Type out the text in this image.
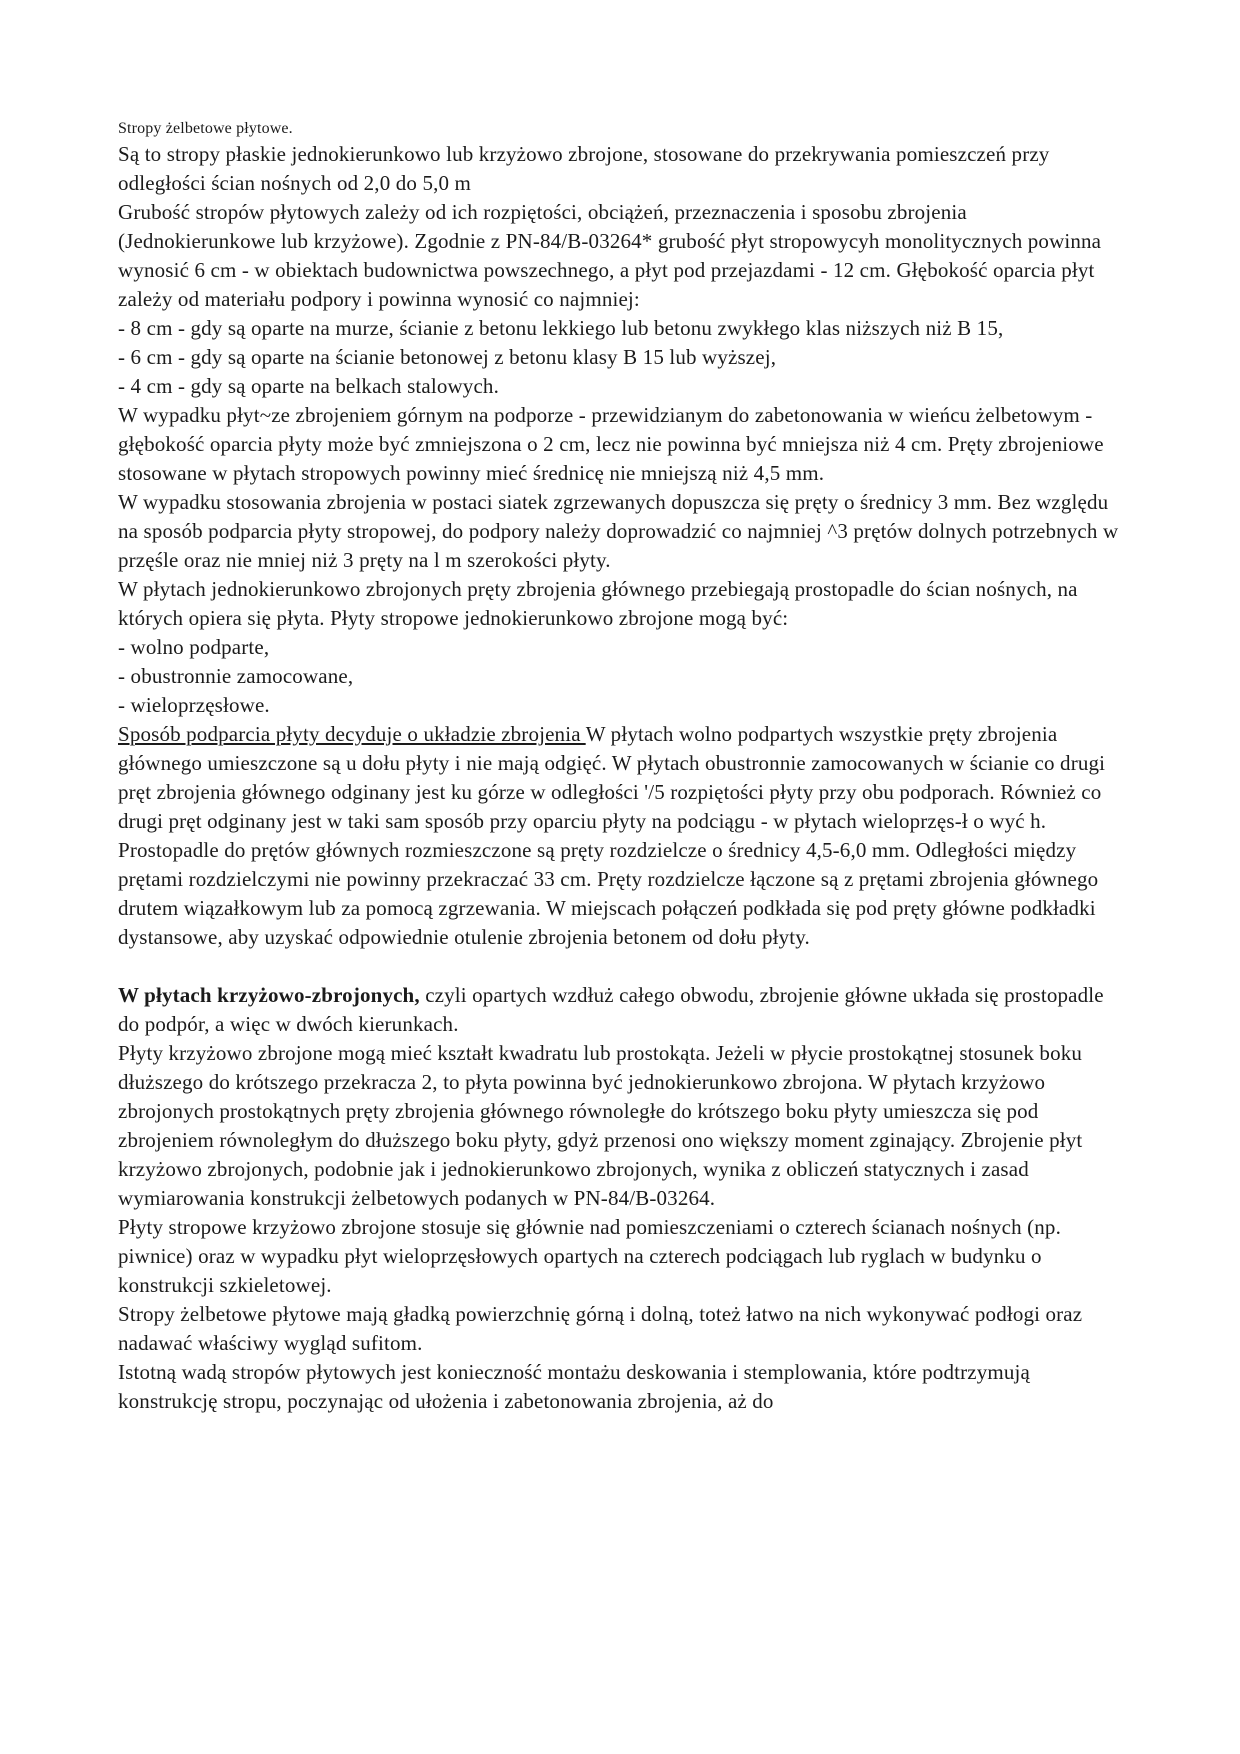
Stropy żelbetowe płytowe.

Są to stropy płaskie jednokierunkowo lub krzyżowo zbrojone, stosowane do przekrywania pomieszczeń przy odległości ścian nośnych od 2,0 do 5,0 m

Grubość stropów płytowych zależy od ich rozpiętości, obciążeń, przeznaczenia i sposobu zbrojenia (Jednokierunkowe lub krzyżowe). Zgodnie z PN-84/B-03264* grubość płyt stropowycyh monolitycznych powinna wynosić 6 cm - w obiektach budownictwa powszechnego, a płyt pod przejazdami - 12 cm. Głębokość oparcia płyt zależy od materiału podpory i powinna wynosić co najmniej:

- 8 cm - gdy są oparte na murze, ścianie z betonu lekkiego lub betonu zwykłego klas niższych niż B 15,

- 6 cm - gdy są oparte na ścianie betonowej z betonu klasy B 15 lub wyższej,

- 4 cm - gdy są oparte na belkach stalowych.

W wypadku płyt~ze zbrojeniem górnym na podporze - przewidzianym do zabetonowania w wieńcu żelbetowym - głębokość oparcia płyty może być zmniejszona o 2 cm, lecz nie powinna być mniejsza niż 4 cm. Pręty zbrojeniowe stosowane w płytach stropowych powinny mieć średnicę nie mniejszą niż 4,5 mm.

W wypadku stosowania zbrojenia w postaci siatek zgrzewanych dopuszcza się pręty o średnicy 3 mm. Bez względu na sposób podparcia płyty stropowej, do podpory należy doprowadzić co najmniej ^3 prętów dolnych potrzebnych w przęśle oraz nie mniej niż 3 pręty na l m szerokości płyty.

W płytach jednokierunkowo zbrojonych pręty zbrojenia głównego przebiegają prostopadle do ścian nośnych, na których opiera się płyta. Płyty stropowe jednokierunkowo zbrojone mogą być:

- wolno podparte,

- obustronnie zamocowane,

- wieloprzęsłowe.

Sposób podparcia płyty decyduje o układzie zbrojenia W płytach wolno podpartych wszystkie pręty zbrojenia głównego umieszczone są u dołu płyty i nie mają odgięć. W płytach obustronnie zamocowanych w ścianie co drugi pręt zbrojenia głównego odginany jest ku górze w odległości '/5 rozpiętości płyty przy obu podporach. Również co drugi pręt odginany jest w taki sam sposób przy oparciu płyty na podciągu - w płytach wieloprzęs-ł o wyć h. Prostopadle do prętów głównych rozmieszczone są pręty rozdzielcze o średnicy 4,5-6,0 mm. Odległości między prętami rozdzielczymi nie powinny przekraczać 33 cm. Pręty rozdzielcze łączone są z prętami zbrojenia głównego drutem wiązałkowym lub za pomocą zgrzewania. W miejscach połączeń podkłada się pod pręty główne podkładki dystansowe, aby uzyskać odpowiednie otulenie zbrojenia betonem od dołu płyty.

W płytach krzyżowo-zbrojonych, czyli opartych wzdłuż całego obwodu, zbrojenie główne układa się prostopadle do podpór, a więc w dwóch kierunkach.

Płyty krzyżowo zbrojone mogą mieć kształt kwadratu lub prostokąta. Jeżeli w płycie prostokątnej stosunek boku dłuższego do krótszego przekracza 2, to płyta powinna być jednokierunkowo zbrojona. W płytach krzyżowo zbrojonych prostokątnych pręty zbrojenia głównego równoległe do krótszego boku płyty umieszcza się pod zbrojeniem równoległym do dłuższego boku płyty, gdyż przenosi ono większy moment zginający. Zbrojenie płyt krzyżowo zbrojonych, podobnie jak i jednokierunkowo zbrojonych, wynika z obliczeń statycznych i zasad wymiarowania konstrukcji żelbetowych podanych w PN-84/B-03264.

Płyty stropowe krzyżowo zbrojone stosuje się głównie nad pomieszczeniami o czterech ścianach nośnych (np. piwnice) oraz w wypadku płyt wieloprzęsłowych opartych na czterech podciągach lub ryglach w budynku o konstrukcji szkieletowej.

Stropy żelbetowe płytowe mają gładką powierzchnię górną i dolną, toteż łatwo na nich wykonywać podłogi oraz nadawać właściwy wygląd sufitom.

Istotną wadą stropów płytowych jest konieczność montażu deskowania i stemplowania, które podtrzymują konstrukcję stropu, poczynając od ułożenia i zabetonowania zbrojenia, aż do
